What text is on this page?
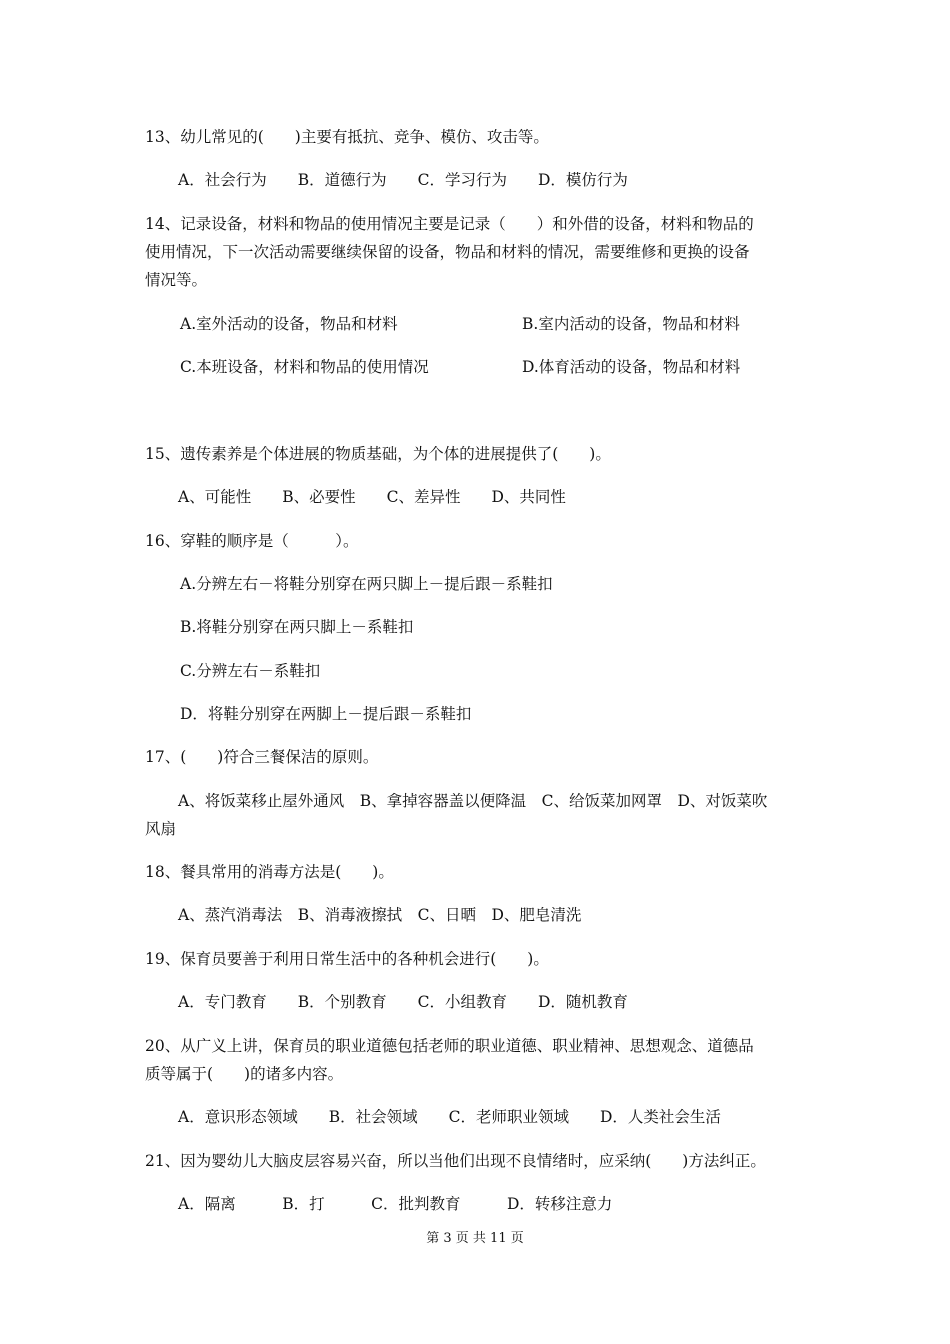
13、幼儿常见的(　　)主要有抵抗、竞争、模仿、攻击等。
A．社会行为　　B．道德行为　　C．学习行为　　D．模仿行为
14、记录设备，材料和物品的使用情况主要是记录（　　）和外借的设备，材料和物品的
使用情况，下一次活动需要继续保留的设备，物品和材料的情况，需要维修和更换的设备
情况等。
A.室外活动的设备，物品和材料	B.室内活动的设备，物品和材料
C.本班设备，材料和物品的使用情况	D.体育活动的设备，物品和材料
15、遗传素养是个体进展的物质基础，为个体的进展提供了(　　)。
A、可能性　　B、必要性　　C、差异性　　D、共同性
16、穿鞋的顺序是（　　　）。
A.分辨左右－将鞋分别穿在两只脚上－提后跟－系鞋扣
B.将鞋分别穿在两只脚上－系鞋扣
C.分辨左右－系鞋扣
D．将鞋分别穿在两脚上－提后跟－系鞋扣
17、(　　)符合三餐保洁的原则。
A、将饭菜移止屋外通风　B、拿掉容器盖以便降温　C、给饭菜加网罩　D、对饭菜吹
风扇
18、餐具常用的消毒方法是(　　)。
A、蒸汽消毒法　B、消毒液擦拭　C、日晒　D、肥皂清洗
19、保育员要善于利用日常生活中的各种机会进行(　　)。
A．专门教育　　B．个别教育　　C．小组教育　　D．随机教育
20、从广义上讲，保育员的职业道德包括老师的职业道德、职业精神、思想观念、道德品
质等属于(　　)的诸多内容。
A．意识形态领域　　B．社会领域　　C．老师职业领域　　D．人类社会生活
21、因为婴幼儿大脑皮层容易兴奋，所以当他们出现不良情绪时，应采纳(　　)方法纠正。
A．隔离　　　B．打　　　C．批判教育　　　D．转移注意力
第 3 页 共 11 页
